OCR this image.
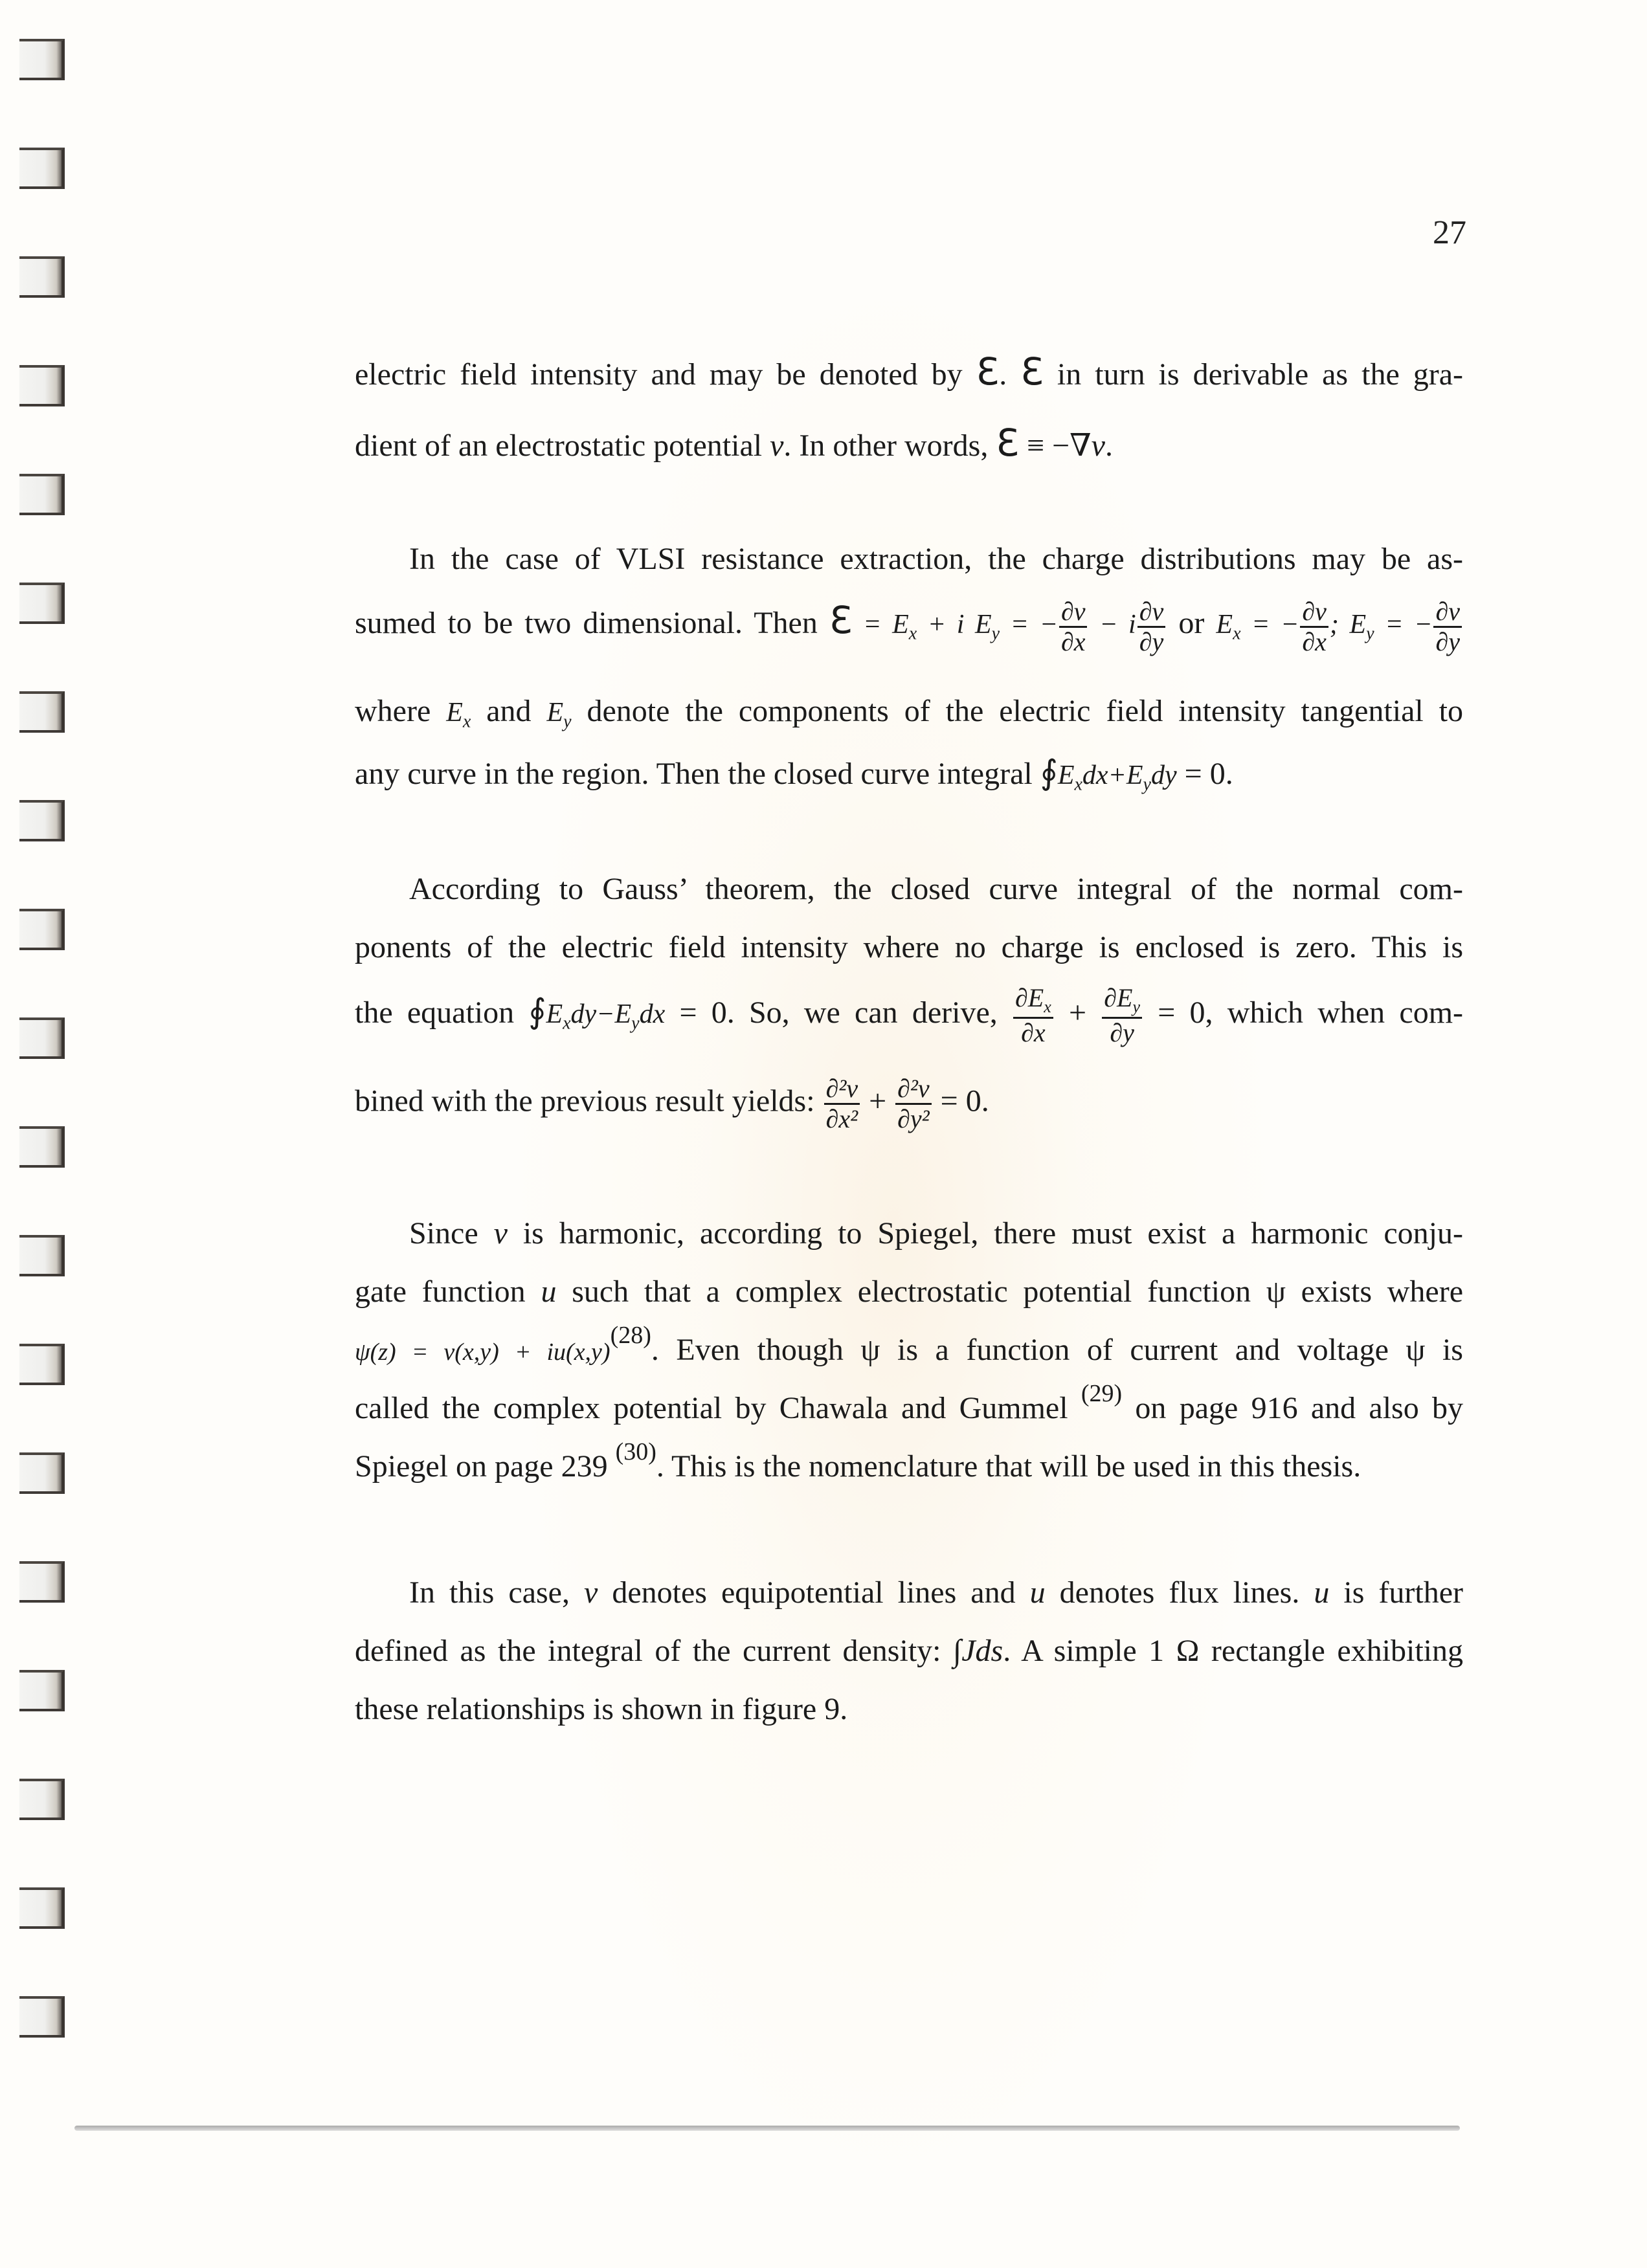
27
electric field intensity and may be denoted by Ɛ. Ɛ in turn is derivable as the gra-
dient of an electrostatic potential v. In other words, Ɛ ≡ −∇v.
In the case of VLSI resistance extraction, the charge distributions may be as-
sumed to be two dimensional. Then Ɛ = $E_x + i$ $E_y$ = − $\frac{\partial v}{\partial x} - i \frac{\partial v}{\partial y}$ or $E_x$ = − $\frac{\partial v}{\partial x}$ ; $E_y$ = − $\frac{\partial v}{\partial y}$
where $E_x$ and $E_y$ denote the components of the electric field intensity tangential to
any curve in the region. Then the closed curve integral $∮E_xdx+E_ydy = 0$.
According to Gauss’ theorem, the closed curve integral of the normal com-
ponents of the electric field intensity where no charge is enclosed is zero. This is
the equation $∮E_xdy-E_ydx = 0$. So, we can derive, $\frac{\partial E_x}{\partial x} + \frac{\partial E_y}{\partial y} = 0$, which when com-
bined with the previous result yields: $\frac{\text{∂²v}}{\text{∂x²}} + \frac{\text{∂²v}}{\text{∂y²}} = 0$.
Since v is harmonic, according to Spiegel, there must exist a harmonic conju-
gate function u such that a complex electrostatic potential function ψ exists where
$\psi(z) = v(x,y) + iu(x,y)^{(28)}$. Even though ψ is a function of current and voltage ψ is
called the complex potential by Chawala and Gummel $^{(29)}$ on page 916 and also by
Spiegel on page 239 $^{(30)}$. This is the nomenclature that will be used in this thesis.
In this case, v denotes equipotential lines and u denotes flux lines. u is further
defined as the integral of the current density: ∫Jds. A simple 1 Ω rectangle exhibiting
these relationships is shown in figure 9.
